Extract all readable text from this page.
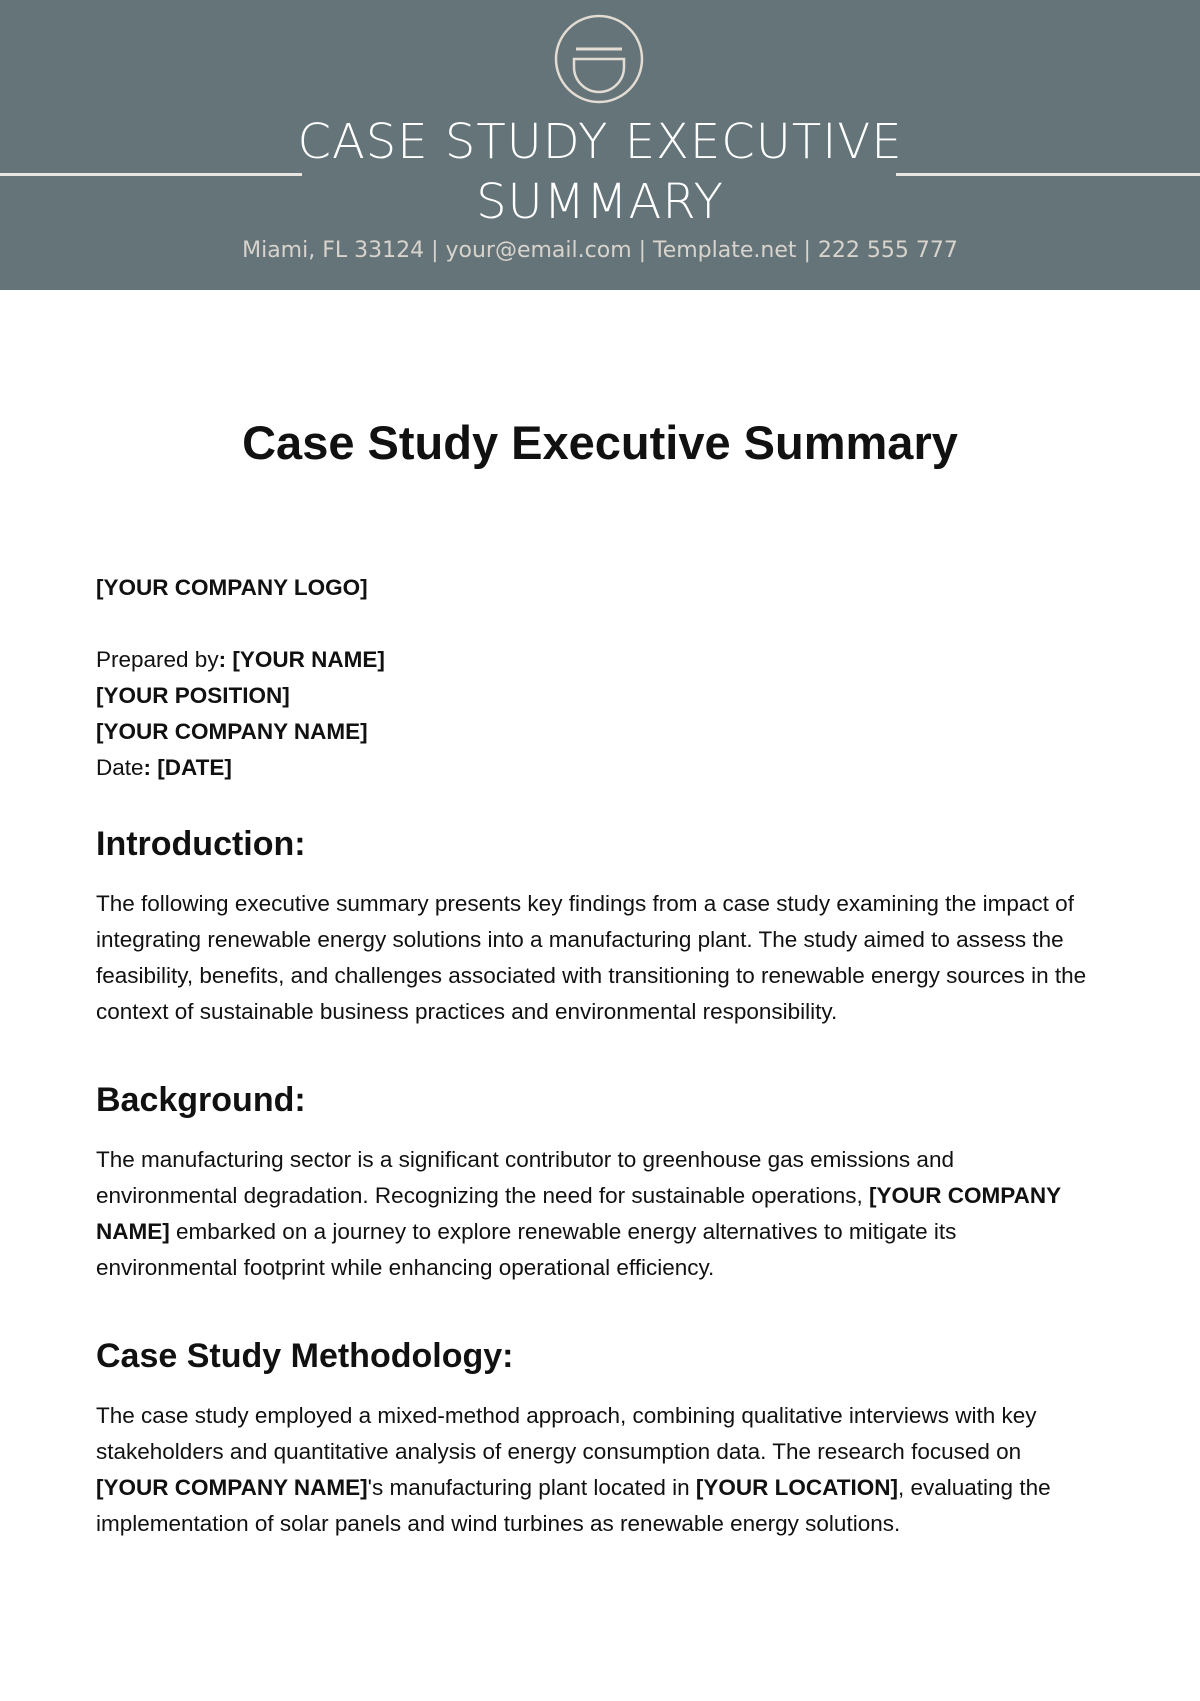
CASE STUDY EXECUTIVE
SUMMARY
Miami, FL 33124 | your@email.com | Template.net | 222 555 777
Case Study Executive Summary

[YOUR COMPANY LOGO]

Prepared by: [YOUR NAME]

[YOUR POSITION]

[YOUR COMPANY NAME]

Date: [DATE]

Introduction:

The following executive summary presents key findings from a case study examining the impact of integrating renewable energy solutions into a manufacturing plant. The study aimed to assess the feasibility, benefits, and challenges associated with transitioning to renewable energy sources in the context of sustainable business practices and environmental responsibility.

Background:

The manufacturing sector is a significant contributor to greenhouse gas emissions and environmental degradation. Recognizing the need for sustainable operations, [YOUR COMPANY NAME] embarked on a journey to explore renewable energy alternatives to mitigate its environmental footprint while enhancing operational efficiency.

Case Study Methodology:

The case study employed a mixed-method approach, combining qualitative interviews with key stakeholders and quantitative analysis of energy consumption data. The research focused on [YOUR COMPANY NAME]'s manufacturing plant located in [YOUR LOCATION], evaluating the implementation of solar panels and wind turbines as renewable energy solutions.
